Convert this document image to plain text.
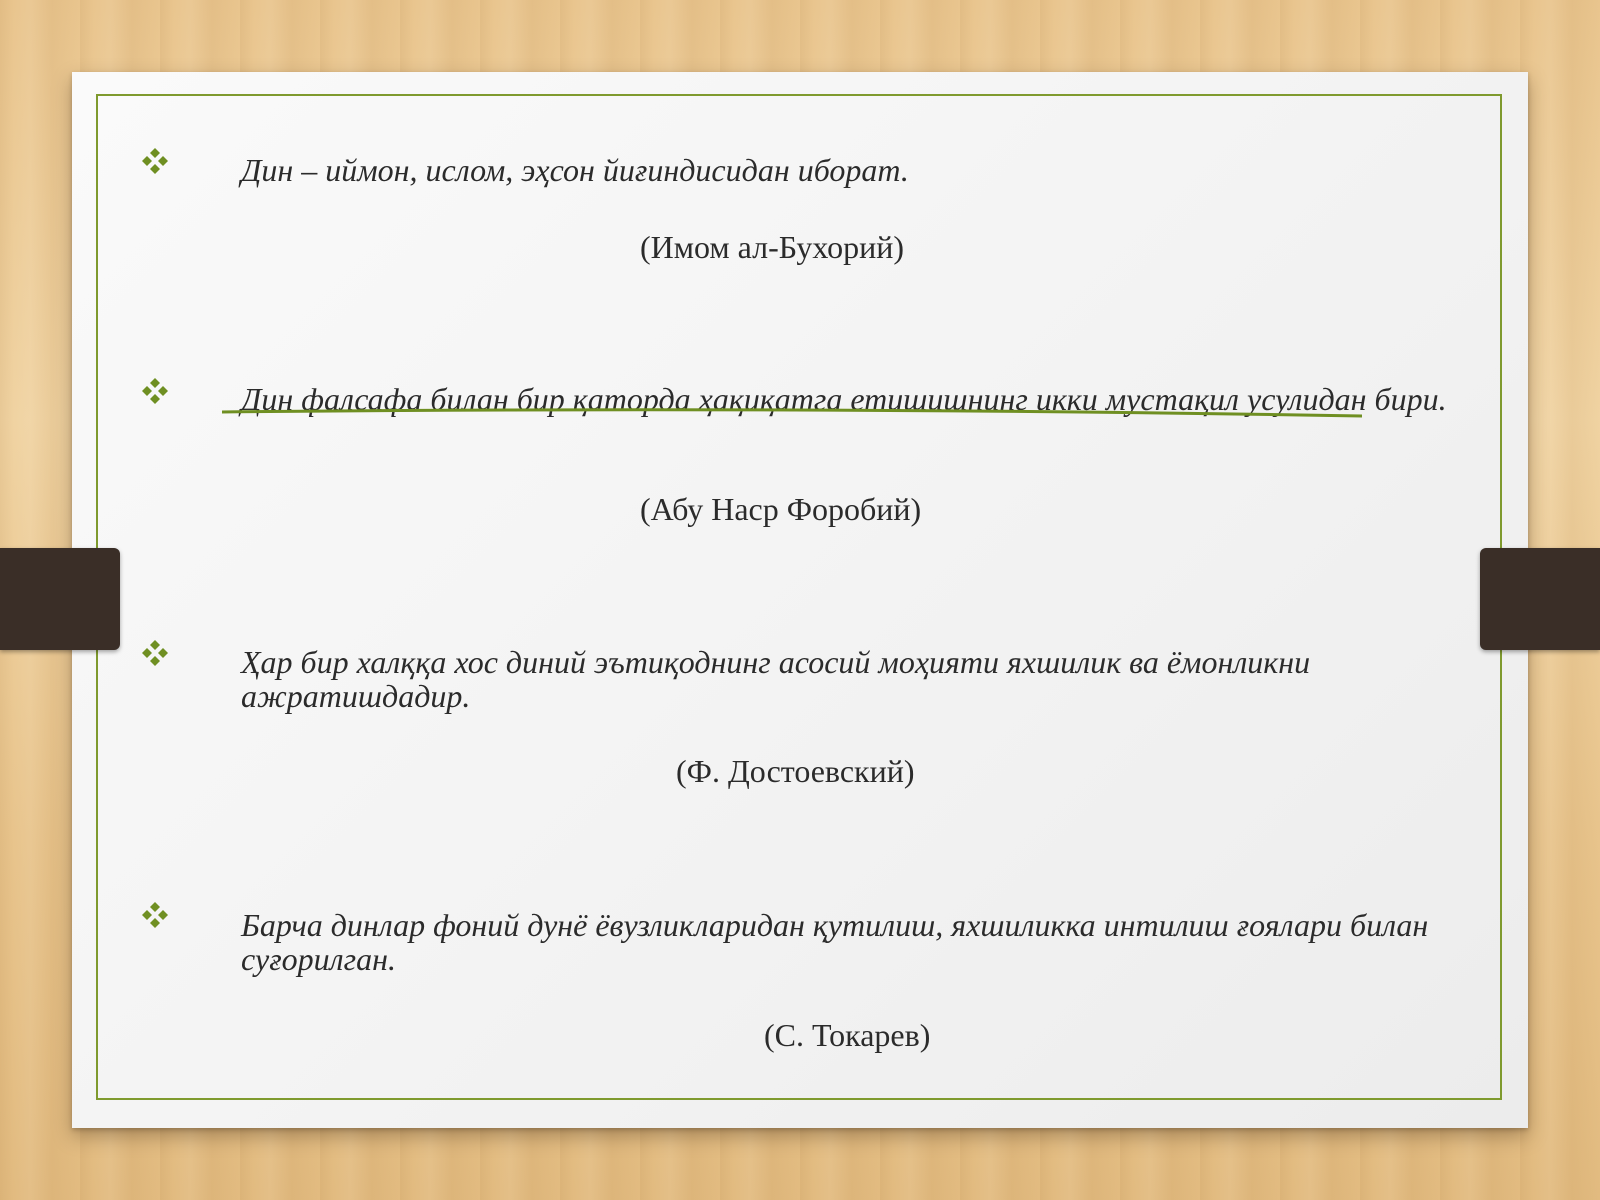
Дин – иймон, ислом, эҳсон йиғиндисидан иборат.

(Имом ал-Бухорий)

Дин фалсафа билан бир қаторда ҳақиқатга етишишнинг икки мустақил усулидан бири.

(Абу Наср Форобий)

Ҳар бир халққа хос диний эътиқоднинг асосий моҳияти яхшилик ва ёмонликни ажратишдадир.

(Ф. Достоевский)

Барча динлар фоний дунё ёвузликларидан қутилиш, яхшиликка интилиш ғоялари билан суғорилган.

(С. Токарев)
